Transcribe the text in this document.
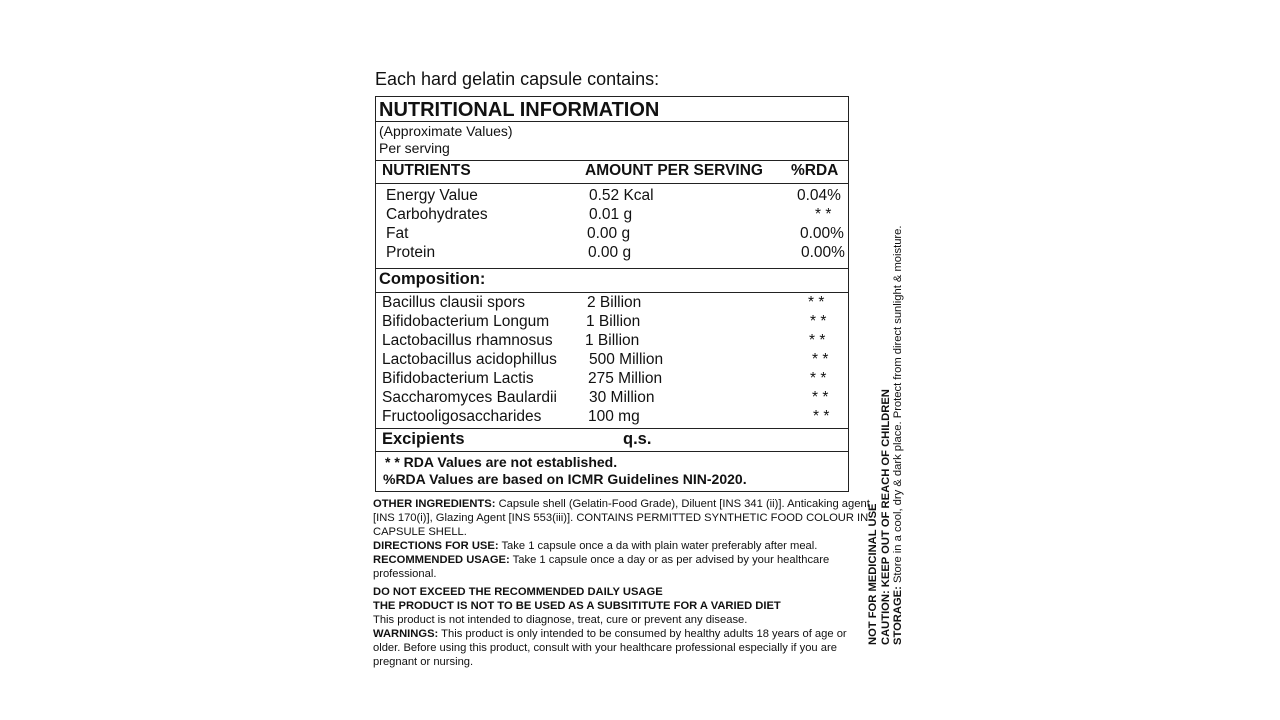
Each hard gelatin capsule contains:
NUTRITIONAL INFORMATION
(Approximate Values)
Per serving
NUTRIENTS	AMOUNT PER SERVING %RDA
Energy Value	0.52 Kcal	0.04%
Carbohydrates	0.01 g	* *
Fat	0.00 g	0.00%
Protein	0.00 g	0.00%
Composition:
Bacillus clausii spors	2 Billion	* *
Bifidobacterium Longum 1 Billion	* *
Lactobacillus rhamnosus 1 Billion	* *
Lactobacillus acidophillus 500 Million	* *
Bifidobacterium Lactis	275 Million	* *
Saccharomyces Baulardii 30 Million	* *
Fructooligosaccharides	100 mg	* *
Excipients	q.s.
* * RDA Values are not established.
%RDA Values are based on ICMR Guidelines NIN-2020.

OTHER INGREDIENTS: Capsule shell (Gelatin-Food Grade), Diluent [INS 341 (ii)]. Anticaking agent [INS 170(i)], Glazing Agent [INS 553(iii)]. CONTAINS PERMITTED SYNTHETIC FOOD COLOUR IN CAPSULE SHELL.

DIRECTIONS FOR USE: Take 1 capsule once a da with plain water preferably after meal.

RECOMMENDED USAGE: Take 1 capsule once a day or as per advised by your healthcare professional.

DO NOT EXCEED THE RECOMMENDED DAILY USAGE

THE PRODUCT IS NOT TO BE USED AS A SUBSITITUTE FOR A VARIED DIET

This product is not intended to diagnose, treat, cure or prevent any disease.

WARNINGS: This product is only intended to be consumed by healthy adults 18 years of age or older. Before using this product, consult with your healthcare professional especially if you are pregnant or nursing.

NOT FOR MEDICINAL USE CAUTION: KEEP OUT OF REACH OF CHILDREN STORAGE: Store in a cool, dry & dark place. Protect from direct sunlight & moisture.
